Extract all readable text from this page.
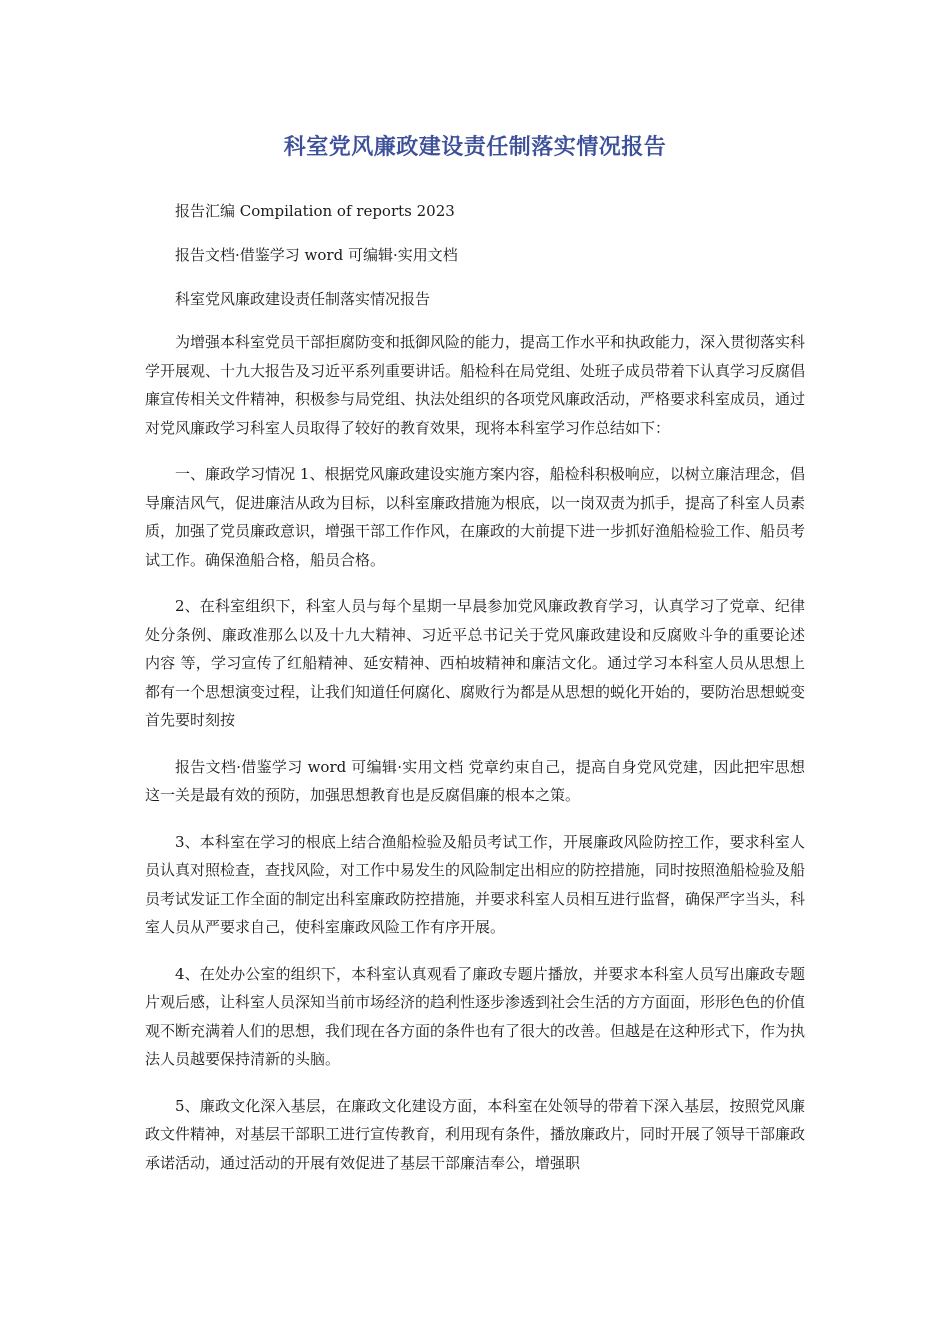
科室党风廉政建设责任制落实情况报告

报告汇编 Compilation of reports 2023

报告文档·借鉴学习 word 可编辑·实用文档

科室党风廉政建设责任制落实情况报告

为增强本科室党员干部拒腐防变和抵御风险的能力，提高工作水平和执政能力，深入贯彻落实科学开展观、十九大报告及习近平系列重要讲话。船检科在局党组、处班子成员带着下认真学习反腐倡廉宣传相关文件精神，积极参与局党组、执法处组织的各项党风廉政活动，严格要求科室成员，通过对党风廉政学习科室人员取得了较好的教育效果，现将本科室学习作总结如下：

一、廉政学习情况 1、根据党风廉政建设实施方案内容，船检科积极响应，以树立廉洁理念，倡导廉洁风气，促进廉洁从政为目标，以科室廉政措施为根底，以一岗双责为抓手，提高了科室人员素质，加强了党员廉政意识，增强干部工作作风，在廉政的大前提下进一步抓好渔船检验工作、船员考试工作。确保渔船合格，船员合格。

2、在科室组织下，科室人员与每个星期一早晨参加党风廉政教育学习，认真学习了党章、纪律处分条例、廉政准那么以及十九大精神、习近平总书记关于党风廉政建设和反腐败斗争的重要论述 内容 等，学习宣传了红船精神、延安精神、西柏坡精神和廉洁文化。通过学习本科室人员从思想上都有一个思想演变过程，让我们知道任何腐化、腐败行为都是从思想的蜕化开始的，要防治思想蜕变首先要时刻按

报告文档·借鉴学习 word 可编辑·实用文档 党章约束自己，提高自身党风党建，因此把牢思想这一关是最有效的预防，加强思想教育也是反腐倡廉的根本之策。

3、本科室在学习的根底上结合渔船检验及船员考试工作，开展廉政风险防控工作，要求科室人员认真对照检查，查找风险，对工作中易发生的风险制定出相应的防控措施，同时按照渔船检验及船员考试发证工作全面的制定出科室廉政防控措施，并要求科室人员相互进行监督，确保严字当头，科室人员从严要求自己，使科室廉政风险工作有序开展。

4、在处办公室的组织下，本科室认真观看了廉政专题片播放，并要求本科室人员写出廉政专题片观后感，让科室人员深知当前市场经济的趋利性逐步渗透到社会生活的方方面面，形形色色的价值观不断充满着人们的思想，我们现在各方面的条件也有了很大的改善。但越是在这种形式下，作为执法人员越要保持清新的头脑。

5、廉政文化深入基层，在廉政文化建设方面，本科室在处领导的带着下深入基层，按照党风廉政文件精神，对基层干部职工进行宣传教育，利用现有条件，播放廉政片，同时开展了领导干部廉政承诺活动，通过活动的开展有效促进了基层干部廉洁奉公，增强职
